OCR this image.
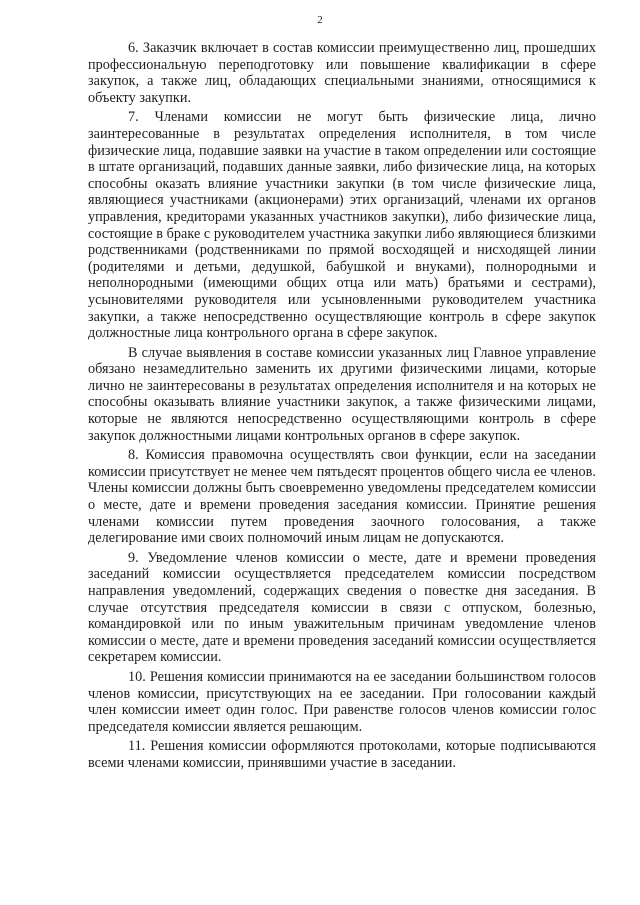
2

6. Заказчик включает в состав комиссии преимущественно лиц, прошедших профессиональную переподготовку или повышение квалификации в сфере закупок, а также лиц, обладающих специальными знаниями, относящимися к объекту закупки.

7. Членами комиссии не могут быть физические лица, лично заинтересованные в результатах определения исполнителя, в том числе физические лица, подавшие заявки на участие в таком определении или состоящие в штате организаций, подавших данные заявки, либо физические лица, на которых способны оказать влияние участники закупки (в том числе физические лица, являющиеся участниками (акционерами) этих организаций, членами их органов управления, кредиторами указанных участников закупки), либо физические лица, состоящие в браке с руководителем участника закупки либо являющиеся близкими родственниками (родственниками по прямой восходящей и нисходящей линии (родителями и детьми, дедушкой, бабушкой и внуками), полнородными и неполнородными (имеющими общих отца или мать) братьями и сестрами), усыновителями руководителя или усыновленными руководителем участника закупки, а также непосредственно осуществляющие контроль в сфере закупок должностные лица контрольного органа в сфере закупок.

В случае выявления в составе комиссии указанных лиц Главное управление обязано незамедлительно заменить их другими физическими лицами, которые лично не заинтересованы в результатах определения исполнителя и на которых не способны оказывать влияние участники закупок, а также физическими лицами, которые не являются непосредственно осуществляющими контроль в сфере закупок должностными лицами контрольных органов в сфере закупок.

8. Комиссия правомочна осуществлять свои функции, если на заседании комиссии присутствует не менее чем пятьдесят процентов общего числа ее членов. Члены комиссии должны быть своевременно уведомлены председателем комиссии о месте, дате и времени проведения заседания комиссии. Принятие решения членами комиссии путем проведения заочного голосования, а также делегирование ими своих полномочий иным лицам не допускаются.

9. Уведомление членов комиссии о месте, дате и времени проведения заседаний комиссии осуществляется председателем комиссии посредством направления уведомлений, содержащих сведения о повестке дня заседания. В случае отсутствия председателя комиссии в связи с отпуском, болезнью, командировкой или по иным уважительным причинам уведомление членов комиссии о месте, дате и времени проведения заседаний комиссии осуществляется секретарем комиссии.

10. Решения комиссии принимаются на ее заседании большинством голосов членов комиссии, присутствующих на ее заседании. При голосовании каждый член комиссии имеет один голос. При равенстве голосов членов комиссии голос председателя комиссии является решающим.

11. Решения комиссии оформляются протоколами, которые подписываются всеми членами комиссии, принявшими участие в заседании.
